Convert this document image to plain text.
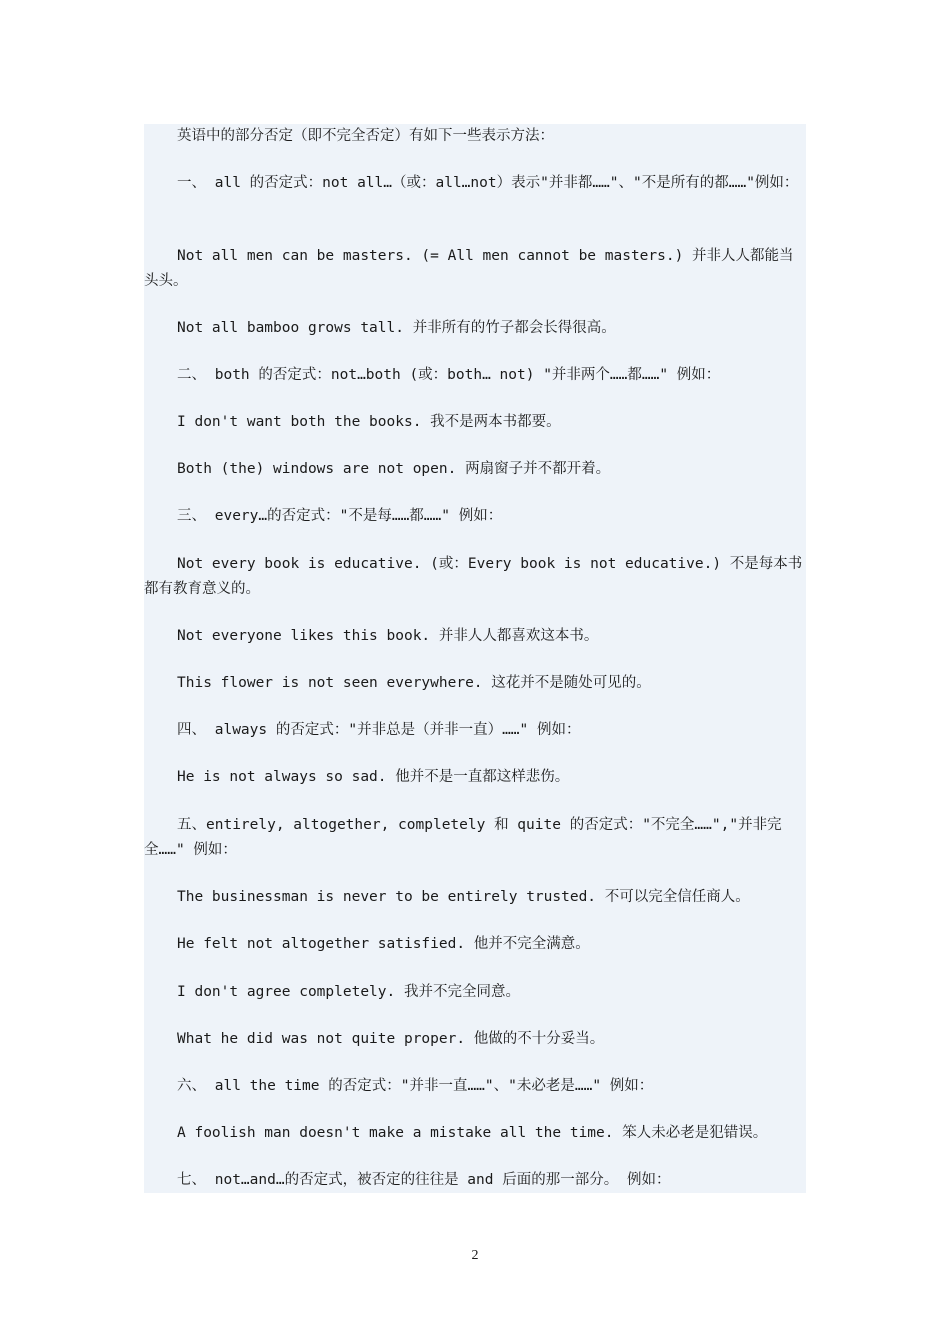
英语中的部分否定（即不完全否定）有如下一些表示方法：

一、 all 的否定式：not all…（或：all…not）表示"并非都……"、"不是所有的都……"例如：

Not all men can be masters. (= All men cannot be masters.) 并非人人都能当头头。

Not all bamboo grows tall. 并非所有的竹子都会长得很高。

二、 both 的否定式：not…both (或：both… not) "并非两个……都……" 例如：

I don't want both the books. 我不是两本书都要。

Both (the) windows are not open. 两扇窗子并不都开着。

三、 every…的否定式："不是每……都……" 例如：

Not every book is educative. (或：Every book is not educative.) 不是每本书都有教育意义的。

Not everyone likes this book. 并非人人都喜欢这本书。

This flower is not seen everywhere. 这花并不是随处可见的。

四、 always 的否定式："并非总是（并非一直）……" 例如：

He is not always so sad. 他并不是一直都这样悲伤。

五、entirely, altogether, completely 和 quite 的否定式："不完全……","并非完全……" 例如：

The businessman is never to be entirely trusted. 不可以完全信任商人。

He felt not altogether satisfied. 他并不完全满意。

I don't agree completely. 我并不完全同意。

What he did was not quite proper. 他做的不十分妥当。

六、 all the time 的否定式："并非一直……"、"未必老是……" 例如：

A foolish man doesn't make a mistake all the time. 笨人未必老是犯错误。

七、 not…and…的否定式，被否定的往往是 and 后面的那一部分。 例如：

2
